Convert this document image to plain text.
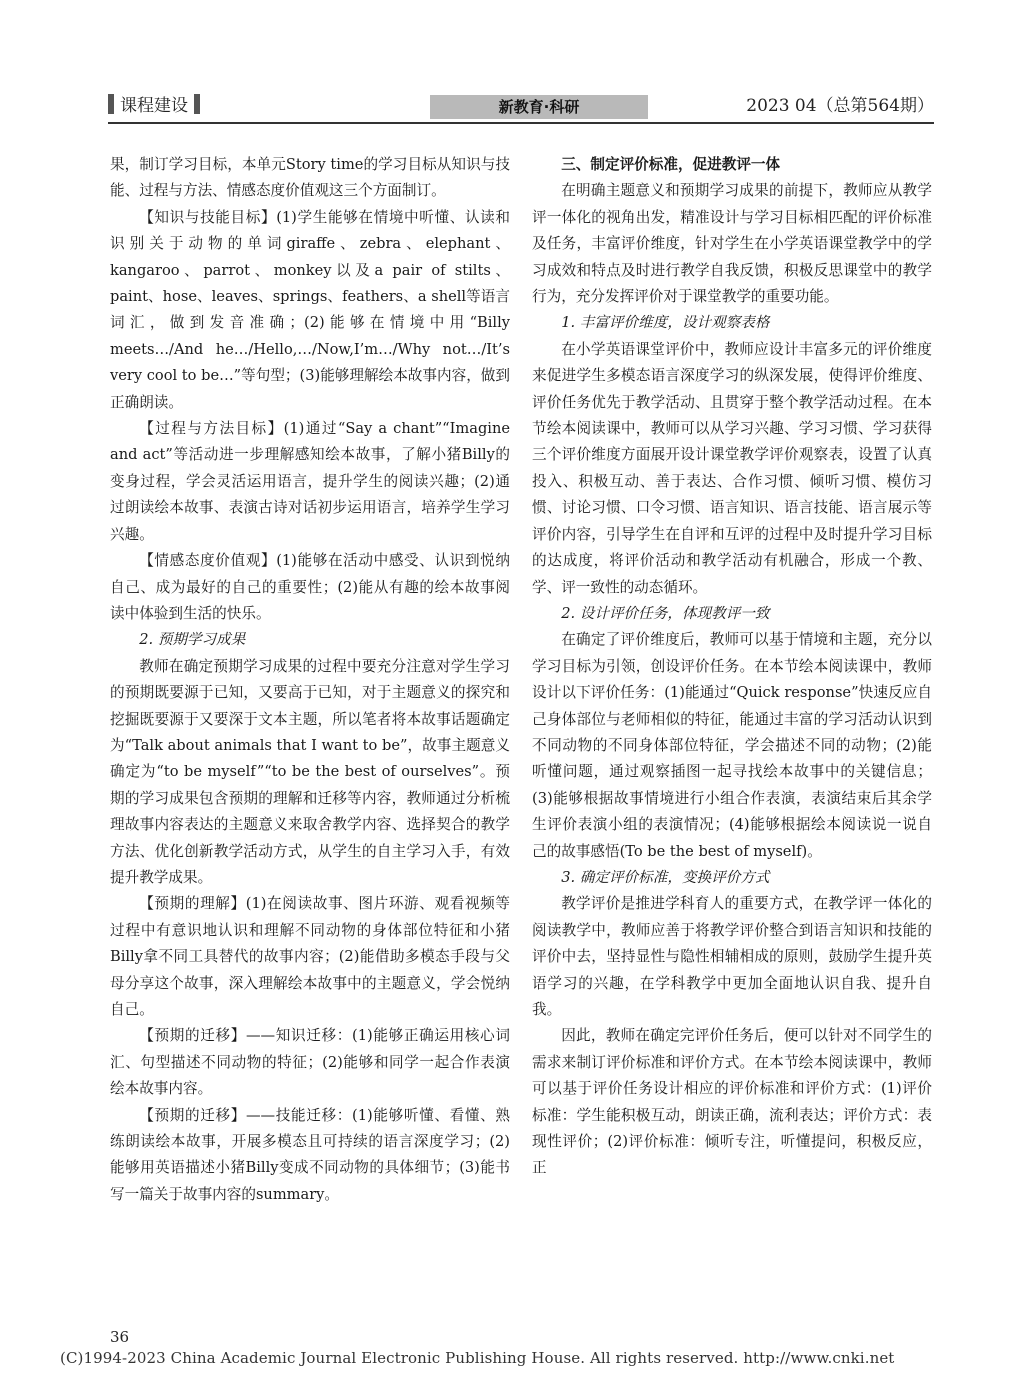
课程建设	新教育·科研	2023 04（总第564期）

果，制订学习目标，本单元Story time的学习目标从知识与技能、过程与方法、情感态度价值观这三个方面制订。

【知识与技能目标】(1)学生能够在情境中听懂、认读和识别关于动物的单词giraffe、zebra、elephant、kangaroo、parrot、monkey以及a pair of stilts、paint、hose、leaves、springs、feathers、a shell等语言词汇，做到发音准确；(2)能够在情境中用“Billy meets…/And he…/Hello,…/Now,I’m…/Why not…/It’s very cool to be…”等句型；(3)能够理解绘本故事内容，做到正确朗读。

【过程与方法目标】(1)通过“Say a chant”“Imagine and act”等活动进一步理解感知绘本故事，了解小猪Billy的变身过程，学会灵活运用语言，提升学生的阅读兴趣；(2)通过朗读绘本故事、表演古诗对话初步运用语言，培养学生学习兴趣。

【情感态度价值观】(1)能够在活动中感受、认识到悦纳自己、成为最好的自己的重要性；(2)能从有趣的绘本故事阅读中体验到生活的快乐。

2. 预期学习成果

教师在确定预期学习成果的过程中要充分注意对学生学习的预期既要源于已知，又要高于已知，对于主题意义的探究和挖掘既要源于又要深于文本主题，所以笔者将本故事话题确定为“Talk about animals that I want to be”，故事主题意义确定为“to be myself”“to be the best of ourselves”。预期的学习成果包含预期的理解和迁移等内容，教师通过分析梳理故事内容表达的主题意义来取舍教学内容、选择契合的教学方法、优化创新教学活动方式，从学生的自主学习入手，有效提升教学成果。

【预期的理解】(1)在阅读故事、图片环游、观看视频等过程中有意识地认识和理解不同动物的身体部位特征和小猪Billy拿不同工具替代的故事内容；(2)能借助多模态手段与父母分享这个故事，深入理解绘本故事中的主题意义，学会悦纳自己。

【预期的迁移】——知识迁移：(1)能够正确运用核心词汇、句型描述不同动物的特征；(2)能够和同学一起合作表演绘本故事内容。

【预期的迁移】——技能迁移：(1)能够听懂、看懂、熟练朗读绘本故事，开展多模态且可持续的语言深度学习；(2)能够用英语描述小猪Billy变成不同动物的具体细节；(3)能书写一篇关于故事内容的summary。

三、制定评价标准，促进教评一体

在明确主题意义和预期学习成果的前提下，教师应从教学评一体化的视角出发，精准设计与学习目标相匹配的评价标准及任务，丰富评价维度，针对学生在小学英语课堂教学中的学习成效和特点及时进行教学自我反馈，积极反思课堂中的教学行为，充分发挥评价对于课堂教学的重要功能。

1. 丰富评价维度，设计观察表格

在小学英语课堂评价中，教师应设计丰富多元的评价维度来促进学生多模态语言深度学习的纵深发展，使得评价维度、评价任务优先于教学活动、且贯穿于整个教学活动过程。在本节绘本阅读课中，教师可以从学习兴趣、学习习惯、学习获得三个评价维度方面展开设计课堂教学评价观察表，设置了认真投入、积极互动、善于表达、合作习惯、倾听习惯、模仿习惯、讨论习惯、口令习惯、语言知识、语言技能、语言展示等评价内容，引导学生在自评和互评的过程中及时提升学习目标的达成度，将评价活动和教学活动有机融合，形成一个教、学、评一致性的动态循环。

2. 设计评价任务，体现教评一致

在确定了评价维度后，教师可以基于情境和主题，充分以学习目标为引领，创设评价任务。在本节绘本阅读课中，教师设计以下评价任务：(1)能通过“Quick response”快速反应自己身体部位与老师相似的特征，能通过丰富的学习活动认识到不同动物的不同身体部位特征，学会描述不同的动物；(2)能听懂问题，通过观察插图一起寻找绘本故事中的关键信息；(3)能够根据故事情境进行小组合作表演，表演结束后其余学生评价表演小组的表演情况；(4)能够根据绘本阅读说一说自己的故事感悟(To be the best of myself)。

3. 确定评价标准，变换评价方式

教学评价是推进学科育人的重要方式，在教学评一体化的阅读教学中，教师应善于将教学评价整合到语言知识和技能的评价中去，坚持显性与隐性相辅相成的原则，鼓励学生提升英语学习的兴趣，在学科教学中更加全面地认识自我、提升自我。

因此，教师在确定完评价任务后，便可以针对不同学生的需求来制订评价标准和评价方式。在本节绘本阅读课中，教师可以基于评价任务设计相应的评价标准和评价方式：(1)评价标准：学生能积极互动，朗读正确，流利表达；评价方式：表现性评价；(2)评价标准：倾听专注，听懂提问，积极反应，正

36
(C)1994-2023 China Academic Journal Electronic Publishing House. All rights reserved. http://www.cnki.net
